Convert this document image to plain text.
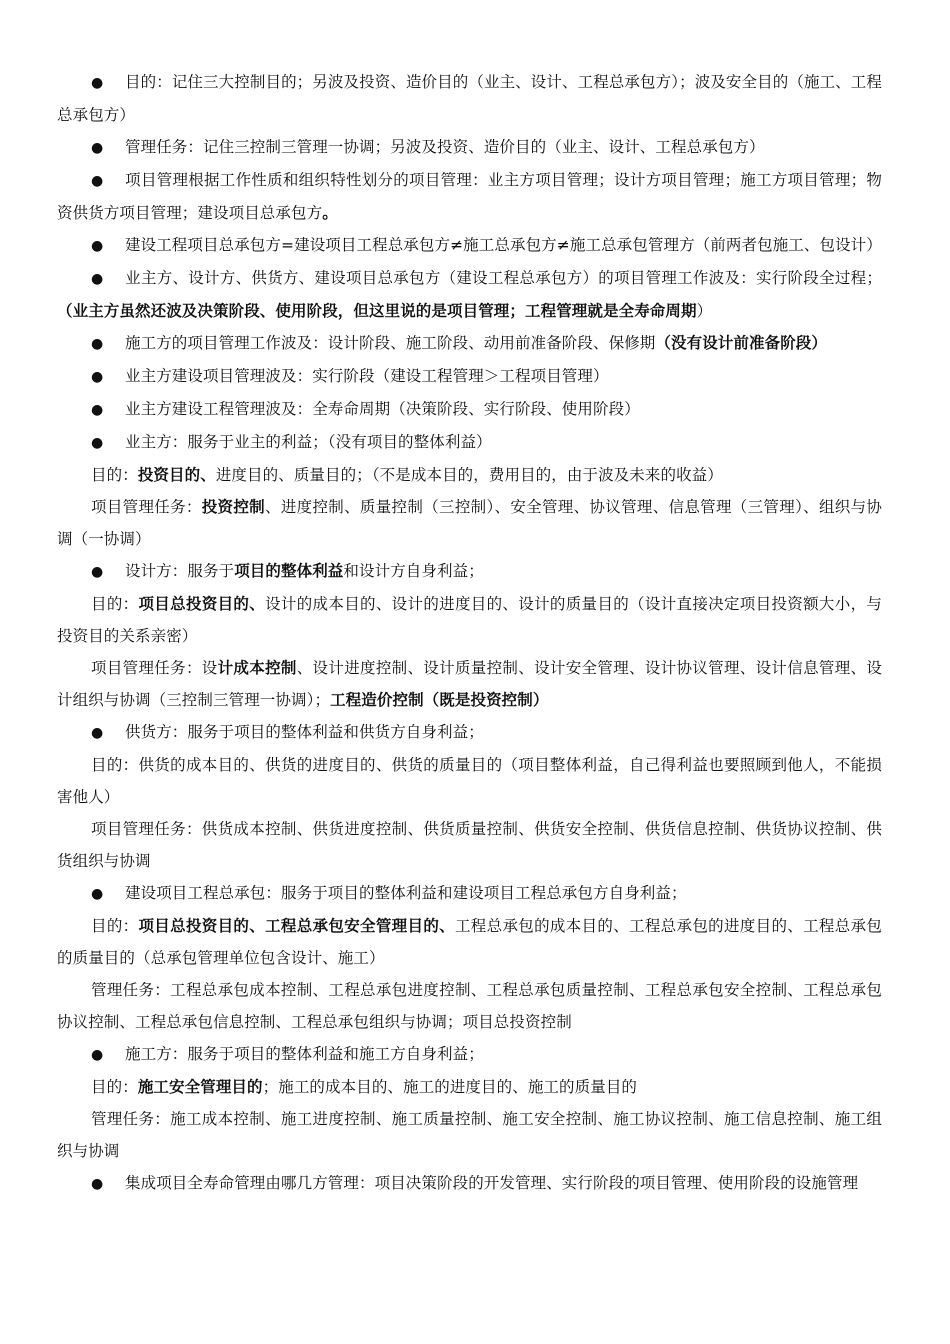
● 目的：记住三大控制目的；另波及投资、造价目的（业主、设计、工程总承包方）；波及安全目的（施工、工程总承包方）

● 管理任务：记住三控制三管理一协调；另波及投资、造价目的（业主、设计、工程总承包方）

● 项目管理根据工作性质和组织特性划分的项目管理：业主方项目管理；设计方项目管理；施工方项目管理；物资供货方项目管理；建设项目总承包方。

● 建设工程项目总承包方=建设项目工程总承包方≠施工总承包方≠施工总承包管理方（前两者包施工、包设计）

● 业主方、设计方、供货方、建设项目总承包方（建设工程总承包方）的项目管理工作波及：实行阶段全过程；（业主方虽然还波及决策阶段、使用阶段，但这里说的是项目管理；工程管理就是全寿命周期）

● 施工方的项目管理工作波及：设计阶段、施工阶段、动用前准备阶段、保修期（没有设计前准备阶段）

● 业主方建设项目管理波及：实行阶段（建设工程管理＞工程项目管理）

● 业主方建设工程管理波及：全寿命周期（决策阶段、实行阶段、使用阶段）

● 业主方：服务于业主的利益；（没有项目的整体利益）

目的：投资目的、进度目的、质量目的；（不是成本目的，费用目的，由于波及未来的收益）

项目管理任务：投资控制、进度控制、质量控制（三控制）、安全管理、协议管理、信息管理（三管理）、组织与协调（一协调）

● 设计方：服务于项目的整体利益和设计方自身利益；

目的：项目总投资目的、设计的成本目的、设计的进度目的、设计的质量目的（设计直接决定项目投资额大小，与投资目的关系亲密）

项目管理任务：设计成本控制、设计进度控制、设计质量控制、设计安全管理、设计协议管理、设计信息管理、设计组织与协调（三控制三管理一协调）；工程造价控制（既是投资控制）

● 供货方：服务于项目的整体利益和供货方自身利益；

目的：供货的成本目的、供货的进度目的、供货的质量目的（项目整体利益，自己得利益也要照顾到他人，不能损害他人）

项目管理任务：供货成本控制、供货进度控制、供货质量控制、供货安全控制、供货信息控制、供货协议控制、供货组织与协调

● 建设项目工程总承包：服务于项目的整体利益和建设项目工程总承包方自身利益；

目的：项目总投资目的、工程总承包安全管理目的、工程总承包的成本目的、工程总承包的进度目的、工程总承包的质量目的（总承包管理单位包含设计、施工）

管理任务：工程总承包成本控制、工程总承包进度控制、工程总承包质量控制、工程总承包安全控制、工程总承包协议控制、工程总承包信息控制、工程总承包组织与协调；项目总投资控制

● 施工方：服务于项目的整体利益和施工方自身利益；

目的：施工安全管理目的；施工的成本目的、施工的进度目的、施工的质量目的

管理任务：施工成本控制、施工进度控制、施工质量控制、施工安全控制、施工协议控制、施工信息控制、施工组织与协调

● 集成项目全寿命管理由哪几方管理：项目决策阶段的开发管理、实行阶段的项目管理、使用阶段的设施管理
